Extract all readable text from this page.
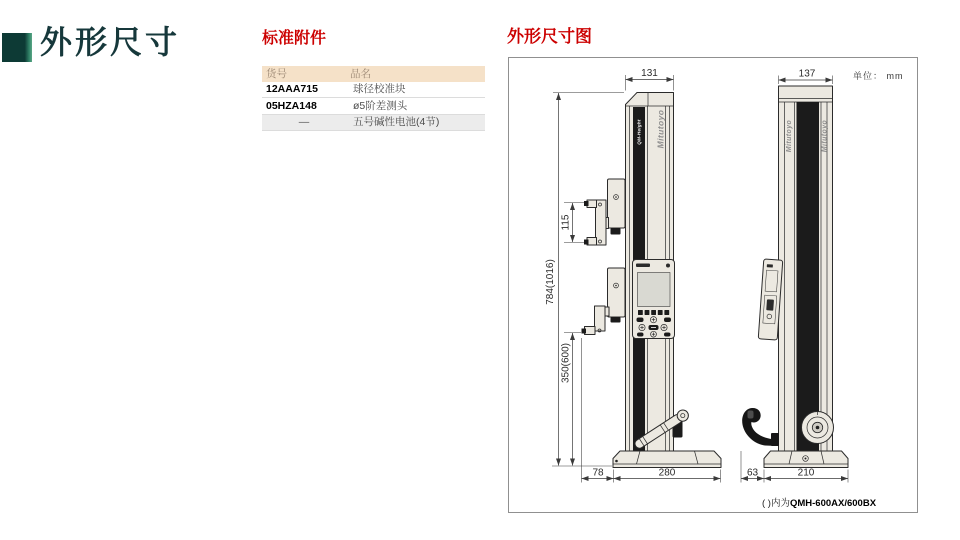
外形尺寸	标准附件
货号	品名
12AAA715	球径校准块
05HZA148	ø5阶差测头
—	五号碱性电池(4节)
外形尺寸图
QM-Height Mitutoyo	Mitutoyo	Mitutoyo
131
784(1016)
115
350(600)
78	280
137
63	210
单位： mm
( )内为QMH-600AX/600BX
